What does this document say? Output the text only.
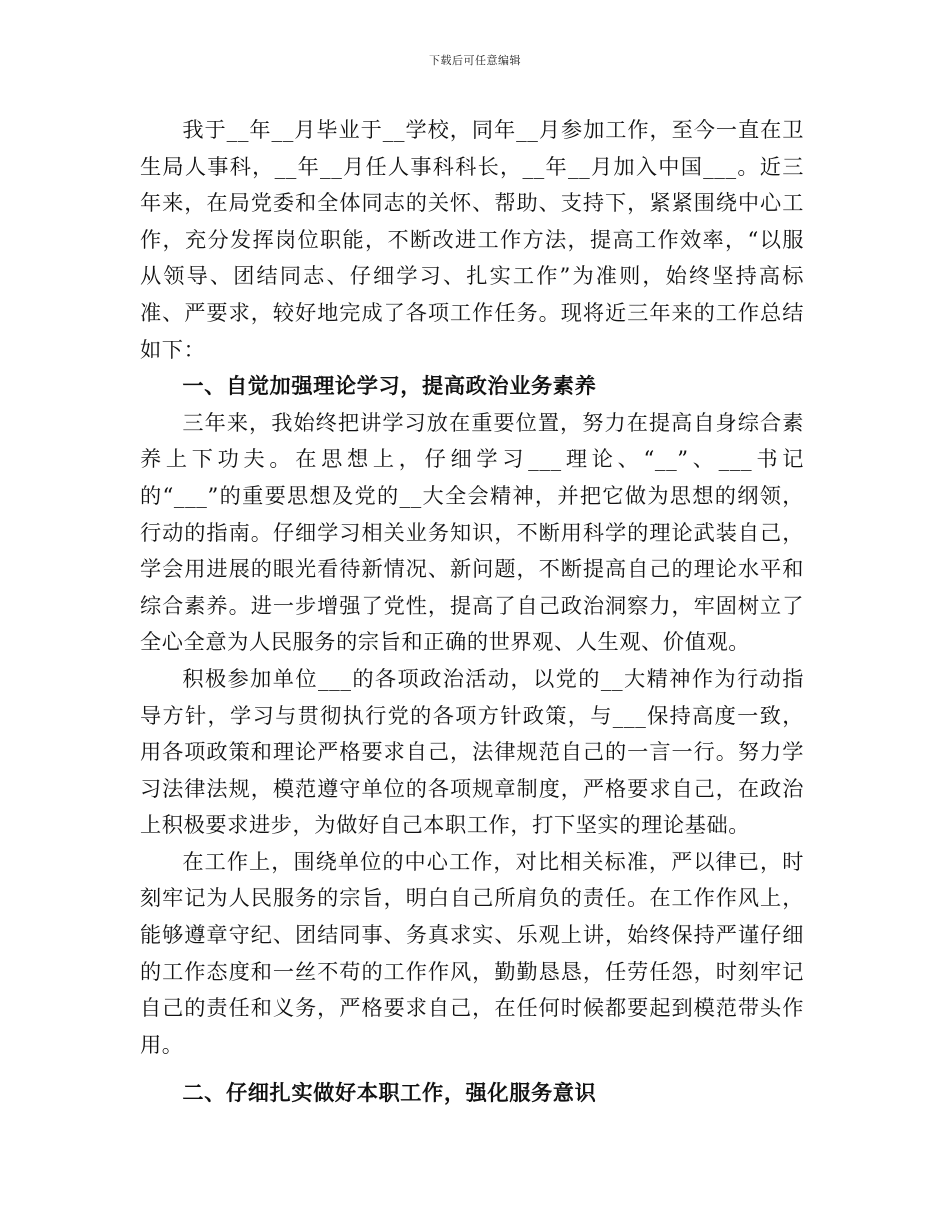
下载后可任意编辑

我于__年__月毕业于__学校，同年__月参加工作，至今一直在卫生局人事科，__年__月任人事科科长，__年__月加入中国___。近三年来，在局党委和全体同志的关怀、帮助、支持下，紧紧围绕中心工作，充分发挥岗位职能，不断改进工作方法，提高工作效率，“以服从领导、团结同志、仔细学习、扎实工作”为准则，始终坚持高标准、严要求，较好地完成了各项工作任务。现将近三年来的工作总结如下：

一、自觉加强理论学习，提高政治业务素养

三年来，我始终把讲学习放在重要位置，努力在提高自身综合素养上下功夫。在思想上，仔细学习___理论、“__”、___书记的“___”的重要思想及党的__大全会精神，并把它做为思想的纲领，行动的指南。仔细学习相关业务知识，不断用科学的理论武装自己，学会用进展的眼光看待新情况、新问题，不断提高自己的理论水平和综合素养。进一步增强了党性，提高了自己政治洞察力，牢固树立了全心全意为人民服务的宗旨和正确的世界观、人生观、价值观。

积极参加单位___的各项政治活动，以党的__大精神作为行动指导方针，学习与贯彻执行党的各项方针政策，与___保持高度一致，用各项政策和理论严格要求自己，法律规范自己的一言一行。努力学习法律法规，模范遵守单位的各项规章制度，严格要求自己，在政治上积极要求进步，为做好自己本职工作，打下坚实的理论基础。

在工作上，围绕单位的中心工作，对比相关标准，严以律已，时刻牢记为人民服务的宗旨，明白自己所肩负的责任。在工作作风上，能够遵章守纪、团结同事、务真求实、乐观上讲，始终保持严谨仔细的工作态度和一丝不苟的工作作风，勤勤恳恳，任劳任怨，时刻牢记自己的责任和义务，严格要求自己，在任何时候都要起到模范带头作用。

二、仔细扎实做好本职工作，强化服务意识
